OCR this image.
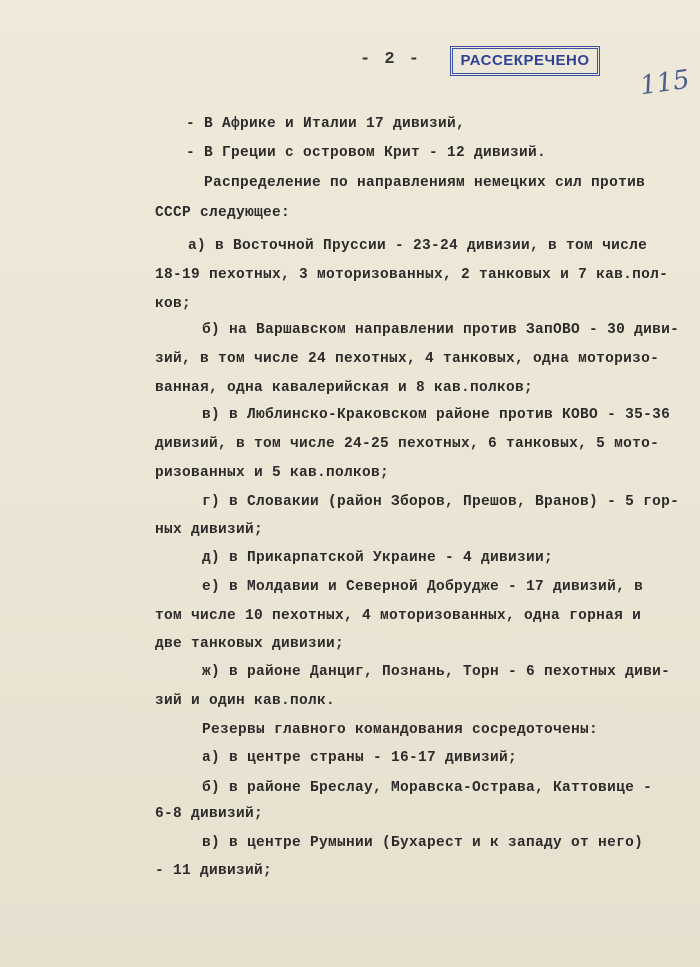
- 2 -	РАССЕКРЕЧЕНО
115
- В Африке и Италии 17 дивизий,
- В Греции с островом Крит - 12 дивизий.
Распределение по направлениям немецких сил против
СССР следующее:
а) в Восточной Пруссии - 23-24 дивизии, в том числе
18-19 пехотных, 3 моторизованных, 2 танковых и 7 кав.пол-
ков;
б) на Варшавском направлении против ЗапОВО - 30 диви-
зий, в том числе 24 пехотных, 4 танковых, одна моторизо-
ванная, одна кавалерийская и 8 кав.полков;
в) в Люблинско-Краковском районе против КОВО - 35-36
дивизий, в том числе 24-25 пехотных, 6 танковых, 5 мото-
ризованных и 5 кав.полков;
г) в Словакии (район Зборов, Прешов, Вранов) - 5 гор-
ных дивизий;
д) в Прикарпатской Украине - 4 дивизии;
е) в Молдавии и Северной Добрудже - 17 дивизий, в
том числе 10 пехотных, 4 моторизованных, одна горная и
две танковых дивизии;
ж) в районе Данциг, Познань, Торн - 6 пехотных диви-
зий и один кав.полк.
Резервы главного командования сосредоточены:
а) в центре страны - 16-17 дивизий;
б) в районе Бреслау, Моравска-Острава, Каттовице -
6-8 дивизий;
в) в центре Румынии (Бухарест и к западу от него)
- 11 дивизий;
